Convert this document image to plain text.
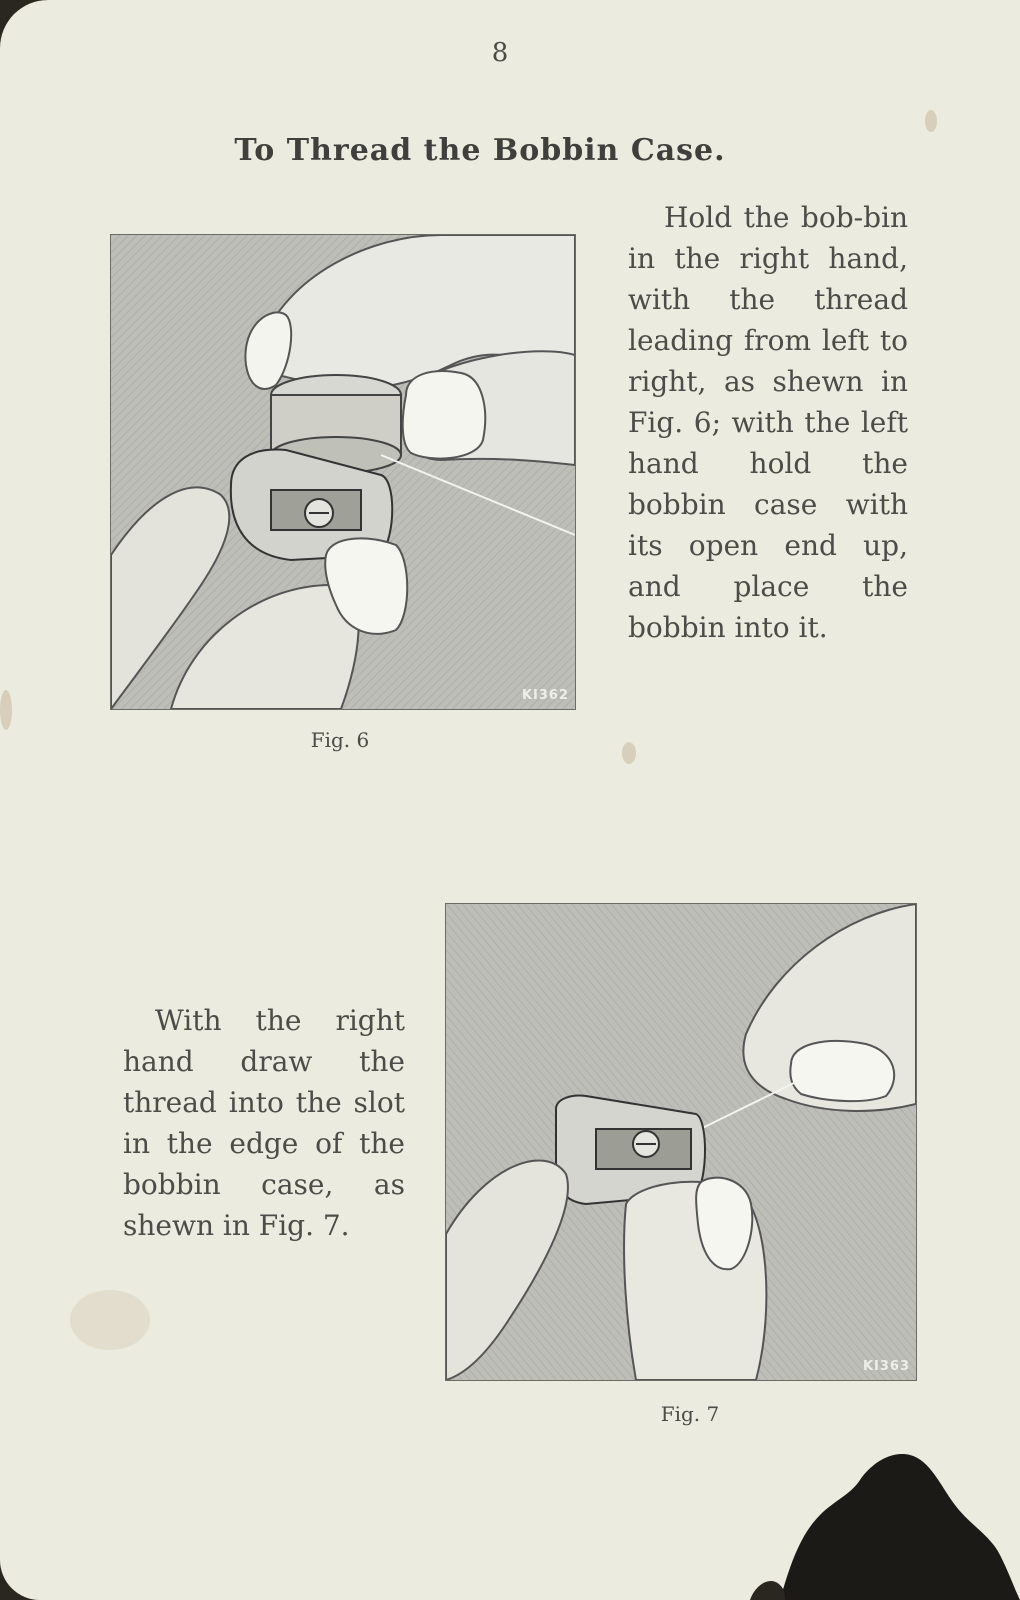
8
To Thread the Bobbin Case.
KI362
Fig. 6
Hold the bob-bin in the right hand, with the thread leading from left to right, as shewn in Fig. 6; with the left hand hold the bobbin case with its open end up, and place the bobbin into it.
With the right hand draw the thread into the slot in the edge of the bobbin case, as shewn in Fig. 7.
KI363
Fig. 7
